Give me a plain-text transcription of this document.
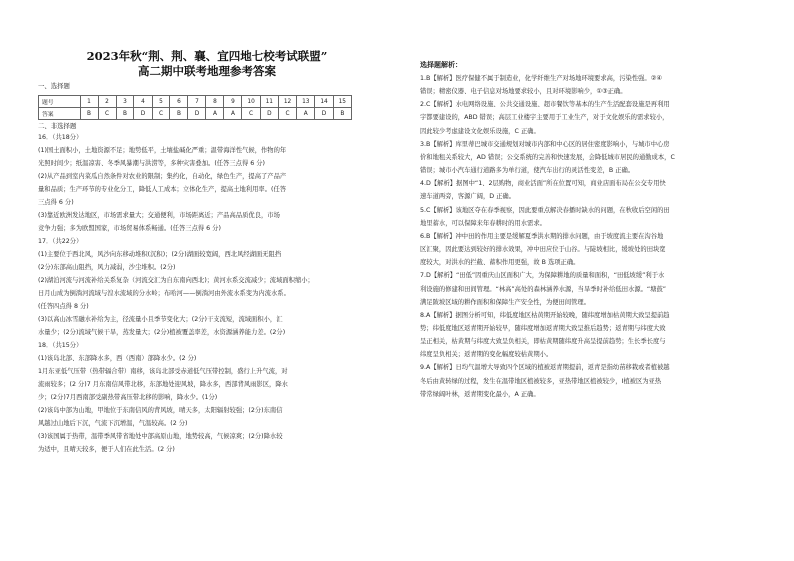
2023年秋“荆、荆、襄、宜四地七校考试联盟”
高二期中联考地理参考答案
一、选择题
题号	1	2	3	4	5	6	7	8	9	10	11	12	13	14	15
答案	B	C	B	D	C	B	D	A	A	C	D	C	A	D	B
二、非选择题
16．（共18分）
(1)国土面积小，土地资源不足；地势低平，土壤盐碱化严重；温带海洋性气候，作物的年
光照时间少；纸温凉害、冬季风暴潮与洪涝等，多种灾害叠加。(任答三点得 6 分)
(2)从产品到室内菜瓜自然条件对农业的限制；集约化，自动化，绿色生产，提高了产品产
量和品质；生产环节的专业化分工，降低人工成本；立体化生产，提高土地利用率。(任答
三点得 6 分)
(3)靠近欧洲发达地区，市场需求量大；交通便利，市场距离近；产品高品质优良，市场
竞争力强；多为欧盟国家，市场贸易体系畅通。(任答三点得 6 分)
17．（共22分）
(1)主要位于西北风，风沙向东移动堆积(沉积)；(2分)湖面较宽阔，西北风经湖面无阻挡
(2分)东部高山阻挡，风力减弱，沙尘堆积。(2分)
(2)湖泊河流与河流补给关系复杂（河流交汇为自东南向西北)；黄河水系交流减少；流域面积缩小；
日月山成为倒淌河流域与湟水流域的分水岭；布哈河——倒淌河由外流水系变为内流水系。
(任答四点得 8 分)
(3)以高山冰雪融水补给为主，径流量小且季节变化大；(2分)干支流短，流域面积小，汇
水量少；(2分)流域气候干旱，蒸发量大；(2分)植被覆盖率差，水资源涵养能力差。(2分)
18．（共15分）
(1)该岛北部、东部降水多，西（西南）部降水少。(2 分)
1月东亚低气压带（热带辐合带）南移，该岛北部受赤道低气压带控制，盛行上升气流，对
流雨较多；(2 分)7 月东南信风带北移，东部地处迎风坡，降水多，西部背风雨影区，降水
少；(2分)7月西南部受副热带高压带北移的影响，降水少。(1分)
(2)该岛中部为山地，甲地位于东南信风的背风坡，晴天多，太阳辐射较强；(2分)东南信
风越过山地后下沉，气流下沉增温，气温较高。(2 分)
(3)该国属于热带，温带季风带省地处中部高原山地，地势较高，气候凉爽；(2分)降水较
为适中，且晴天较多，便于人们在此生活。(2 分)
选择题解析：
1.B【解析】医疗保健不属于制造业，化学纤维生产对场地环境要求高，污染性强。②④
错误；精密仪器、电子信息对场地要求较小，且对环境影响少，①③正确。
2.C【解析】水电网络设施、公共交通设施、超市餐饮等基本的生产生活配套设施是再利用
宇都要建设的，ABD 错误；高层工业楼宇主要用于工业生产，对于文化娱乐的需求较小，
因此较少考虑建设文化娱乐设施，C 正确。
3.B【解析】库里蒂巴城市交通规划对城市内部和中心区的居住密度影响小，与城市中心房
价和地租关系较大，AD 错误；公交系统的完善和快速发展，会降低城市居民的通勤成本，C
错误；城市小汽车通行道路多为单行道，使汽车出行的灵活性变差，B 正确。
4.D【解析】据图中“1、2层购物，商业活面”所在位置可知，商业店面布局在公交专用快
速车道两旁，客源广阔，D 正确。
5.C【解析】该地区夺在春季视察，因此要重点解决春播时缺水的问题，在秋收后空闲的田
地里蓄水，可以保障来年春耕时的用水需求。
6.B【解析】冲中田的作用主要是缓解夏季洪水期的排水问题，由于坡度流主要在沟谷地
区汇聚，因此要达到较好的排水效果，冲中田应位于山谷。与陡坡相比，缓坡处的田块宽
度较大，对洪水的拦截、蓄积作用更强，故 B 选项正确。
7.D【解析】“田低”因重庆山区面积广大，为保障耕地的质量和面积，“田低坡缓”利于水
利设施的修建和田间管理。“林高”高处的森林涵养水源，当旱季时补给低田水源。“塘鼓”
满足陂坡区域的耕作面积和保障生产安全性，为便田间管理。
8.A【解析】据图分析可知，纬低度地区枯黄期开始较晚，随纬度增加枯黄期大致呈提前趋
势；纬低度地区返青期开始较早，随纬度增加返青期大致呈推后趋势；返青期与纬度大致
呈正相关，枯黄期与纬度大致呈负相关，即枯黄期随纬度升高呈提前趋势；生长季长度与
纬度呈负相关；返青期的变化幅度较枯黄期小。
9.A【解析】日均气温增大导致四个区域的植被返青期提前，返青是指幼苗移栽或者植被越
冬后由黄转绿的过程，发生在温带地区植被较多，亚热带地区植被较少，Ⅰ植被区为亚热
带常绿阔叶林，返青期变化最小，A 正确。
